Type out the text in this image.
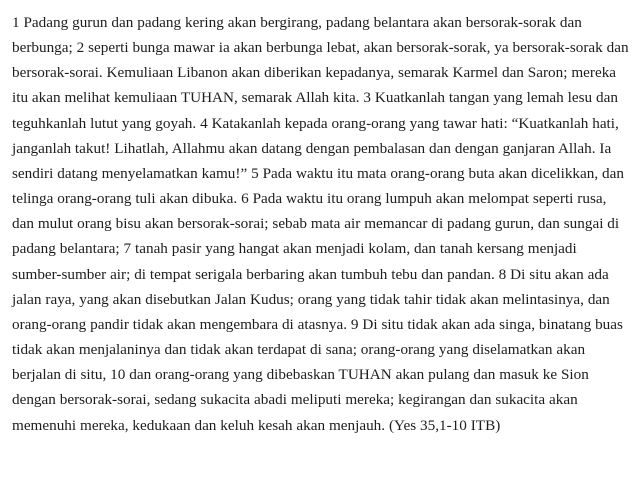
1 Padang gurun dan padang kering akan bergirang, padang belantara akan bersorak-sorak dan berbunga; 2 seperti bunga mawar ia akan berbunga lebat, akan bersorak-sorak, ya bersorak-sorak dan bersorak-sorai. Kemuliaan Libanon akan diberikan kepadanya, semarak Karmel dan Saron; mereka itu akan melihat kemuliaan TUHAN, semarak Allah kita. 3 Kuatkanlah tangan yang lemah lesu dan teguhkanlah lutut yang goyah. 4 Katakanlah kepada orang-orang yang tawar hati: “Kuatkanlah hati, janganlah takut! Lihatlah, Allahmu akan datang dengan pembalasan dan dengan ganjaran Allah. Ia sendiri datang menyelamatkan kamu!” 5 Pada waktu itu mata orang-orang buta akan dicelikkan, dan telinga orang-orang tuli akan dibuka. 6 Pada waktu itu orang lumpuh akan melompat seperti rusa, dan mulut orang bisu akan bersorak-sorai; sebab mata air memancar di padang gurun, dan sungai di padang belantara; 7 tanah pasir yang hangat akan menjadi kolam, dan tanah kersang menjadi sumber-sumber air; di tempat serigala berbaring akan tumbuh tebu dan pandan. 8 Di situ akan ada jalan raya, yang akan disebutkan Jalan Kudus; orang yang tidak tahir tidak akan melintasinya, dan orang-orang pandir tidak akan mengembara di atasnya. 9 Di situ tidak akan ada singa, binatang buas tidak akan menjalaninya dan tidak akan terdapat di sana; orang-orang yang diselamatkan akan berjalan di situ, 10 dan orang-orang yang dibebaskan TUHAN akan pulang dan masuk ke Sion dengan bersorak-sorai, sedang sukacita abadi meliputi mereka; kegirangan dan sukacita akan memenuhi mereka, kedukaan dan keluh kesah akan menjauh. (Yes 35,1-10 ITB)
